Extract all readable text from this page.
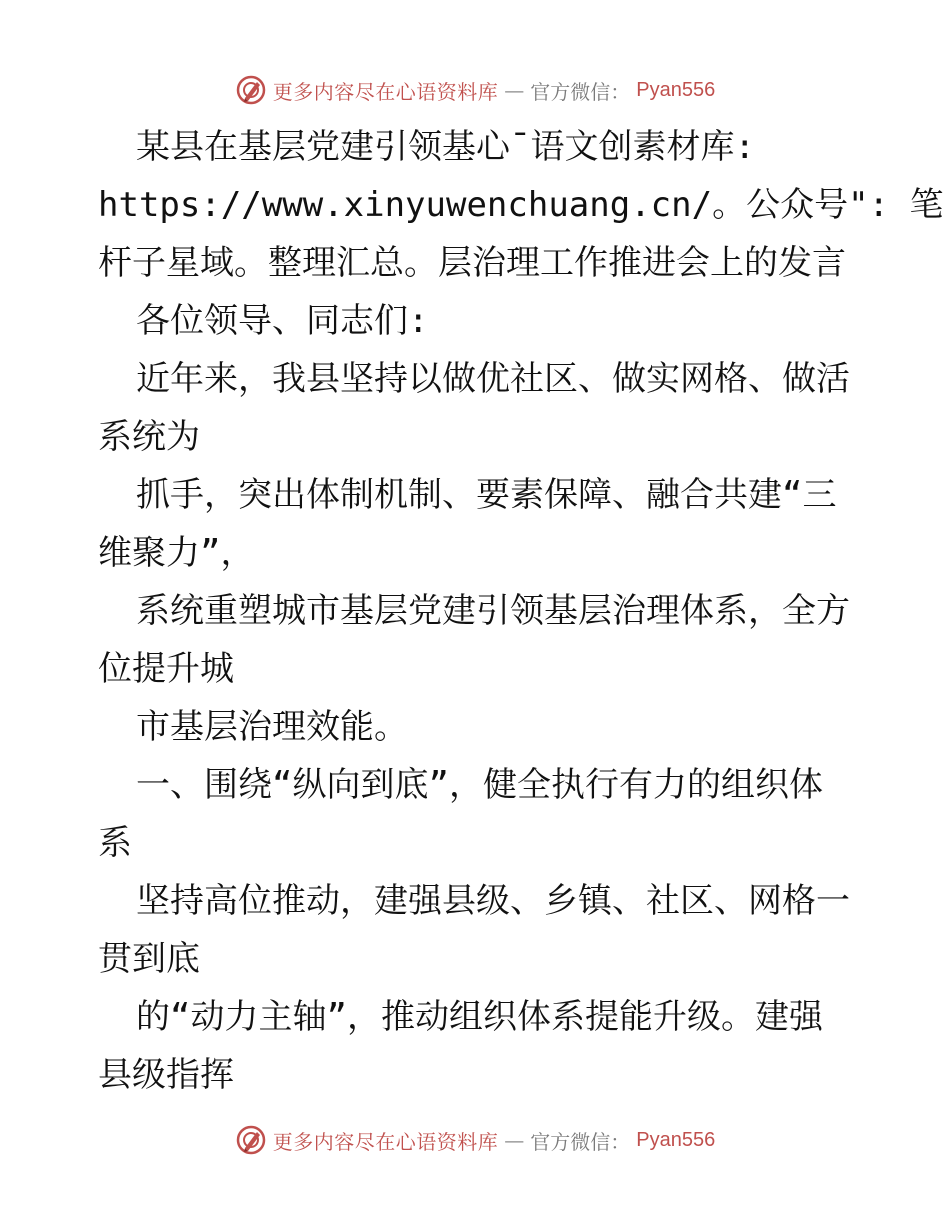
更多内容尽在心语资料库 — 官方微信： Pyan556
某县在基层党建引领基心¯语文创素材库:
https://www.xinyuwenchuang.cn/。公众号": 笔
杆子星域。整理汇总。层治理工作推进会上的发言
各位领导、同志们:
近年来，我县坚持以做优社区、做实网格、做活
系统为
抓手，突出体制机制、要素保障、融合共建“三
维聚力”，
系统重塑城市基层党建引领基层治理体系，全方
位提升城
市基层治理效能。
一、围绕“纵向到底”，健全执行有力的组织体
系
坚持高位推动，建强县级、乡镇、社区、网格一
贯到底
的“动力主轴”，推动组织体系提能升级。建强
县级指挥
更多内容尽在心语资料库 — 官方微信： Pyan556
